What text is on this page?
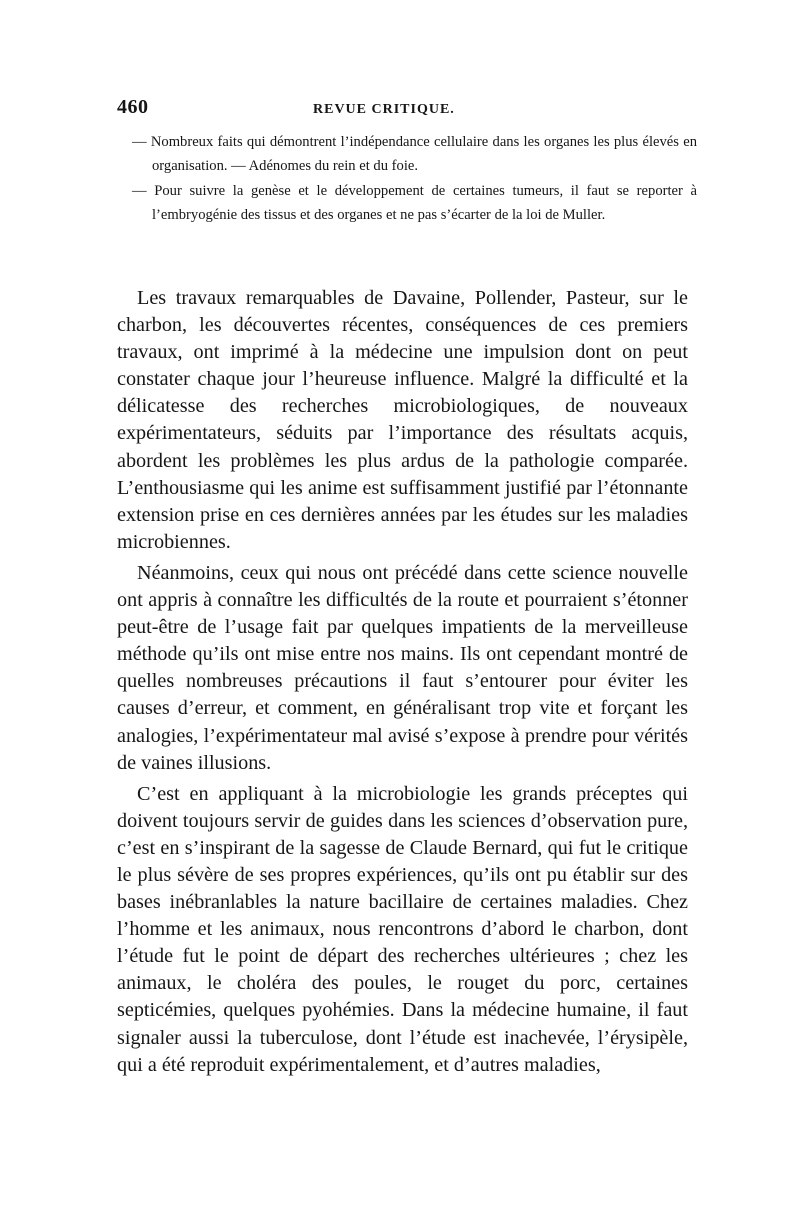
460	REVUE CRITIQUE.

— Nombreux faits qui démontrent l’indépendance cellulaire dans les organes les plus élevés en organisation. — Adénomes du rein et du foie.

— Pour suivre la genèse et le développement de certaines tumeurs, il faut se reporter à l’embryogénie des tissus et des organes et ne pas s’écarter de la loi de Muller.

Les travaux remarquables de Davaine, Pollender, Pasteur, sur le charbon, les découvertes récentes, conséquences de ces premiers travaux, ont imprimé à la médecine une impulsion dont on peut constater chaque jour l’heureuse influence. Malgré la difficulté et la délicatesse des recherches microbiologiques, de nouveaux expérimentateurs, séduits par l’importance des résultats acquis, abordent les problèmes les plus ardus de la pathologie comparée. L’enthousiasme qui les anime est suffisamment justifié par l’étonnante extension prise en ces dernières années par les études sur les maladies microbiennes.

Néanmoins, ceux qui nous ont précédé dans cette science nouvelle ont appris à connaître les difficultés de la route et pourraient s’étonner peut-être de l’usage fait par quelques impatients de la merveilleuse méthode qu’ils ont mise entre nos mains. Ils ont cependant montré de quelles nombreuses précautions il faut s’entourer pour éviter les causes d’erreur, et comment, en généralisant trop vite et forçant les analogies, l’expérimentateur mal avisé s’expose à prendre pour vérités de vaines illusions.

C’est en appliquant à la microbiologie les grands préceptes qui doivent toujours servir de guides dans les sciences d’observation pure, c’est en s’inspirant de la sagesse de Claude Bernard, qui fut le critique le plus sévère de ses propres expériences, qu’ils ont pu établir sur des bases inébranlables la nature bacillaire de certaines maladies. Chez l’homme et les animaux, nous rencontrons d’abord le charbon, dont l’étude fut le point de départ des recherches ultérieures ; chez les animaux, le choléra des poules, le rouget du porc, certaines septicémies, quelques pyohémies. Dans la médecine humaine, il faut signaler aussi la tuberculose, dont l’étude est inachevée, l’érysipèle, qui a été reproduit expérimentalement, et d’autres maladies,
